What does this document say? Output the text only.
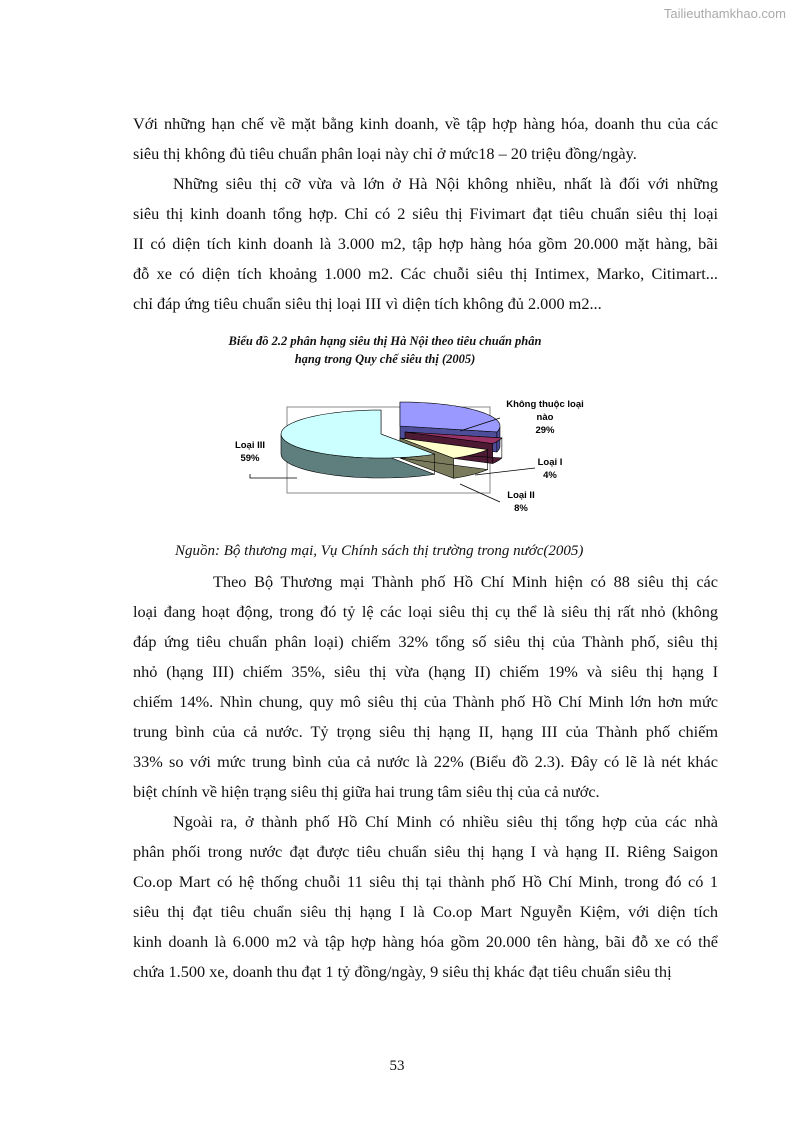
Tailieuthamkhao.com
Với những hạn chế về mặt bằng kinh doanh, về tập hợp hàng hóa, doanh thu của các
siêu thị không đủ tiêu chuẩn phân loại này chỉ ở mức18 – 20 triệu đồng/ngày.
Những siêu thị cỡ vừa và lớn ở Hà Nội không nhiều, nhất là đối với những
siêu thị kinh doanh tổng hợp. Chỉ có 2 siêu thị Fivimart đạt tiêu chuẩn siêu thị loại
II có diện tích kinh doanh là 3.000 m2, tập hợp hàng hóa gồm 20.000 mặt hàng, bãi
đỗ xe có diện tích khoảng 1.000 m2. Các chuỗi siêu thị Intimex, Marko, Citimart...
chỉ đáp ứng tiêu chuẩn siêu thị loại III vì diện tích không đủ 2.000 m2...
Theo Bộ Thương mại Thành phố Hồ Chí Minh hiện có 88 siêu thị các
loại đang hoạt động, trong đó tỷ lệ các loại siêu thị cụ thể là siêu thị rất nhỏ (không
đáp ứng tiêu chuẩn phân loại) chiếm 32% tổng số siêu thị của Thành phố, siêu thị
nhỏ (hạng III) chiếm 35%, siêu thị vừa (hạng II) chiếm 19% và siêu thị hạng I
chiếm 14%. Nhìn chung, quy mô siêu thị của Thành phố Hồ Chí Minh lớn hơn mức
trung bình của cả nước. Tỷ trọng siêu thị hạng II, hạng III của Thành phố chiếm
33% so với mức trung bình của cả nước là 22% (Biểu đồ 2.3). Đây có lẽ là nét khác
biệt chính về hiện trạng siêu thị giữa hai trung tâm siêu thị của cả nước.
Ngoài ra, ở thành phố Hồ Chí Minh có nhiều siêu thị tổng hợp của các nhà
phân phối trong nước đạt được tiêu chuẩn siêu thị hạng I và hạng II. Riêng Saigon
Co.op Mart có hệ thống chuỗi 11 siêu thị tại thành phố Hồ Chí Minh, trong đó có 1
siêu thị đạt tiêu chuẩn siêu thị hạng I là Co.op Mart Nguyễn Kiệm, với diện tích
kinh doanh là 6.000 m2 và tập hợp hàng hóa gồm 20.000 tên hàng, bãi đỗ xe có thể
chứa 1.500 xe, doanh thu đạt 1 tỷ đồng/ngày, 9 siêu thị khác đạt tiêu chuẩn siêu thị
Biểu đồ 2.2 phân hạng siêu thị Hà Nội theo tiêu chuẩn phân
hạng trong Quy chế siêu thị (2005)
Không thuộc loại
nào
29%
Loại I
4%
Loại II
8%
Loại III
59%
Nguồn: Bộ thương mại, Vụ Chính sách thị trường trong nước(2005)
53
